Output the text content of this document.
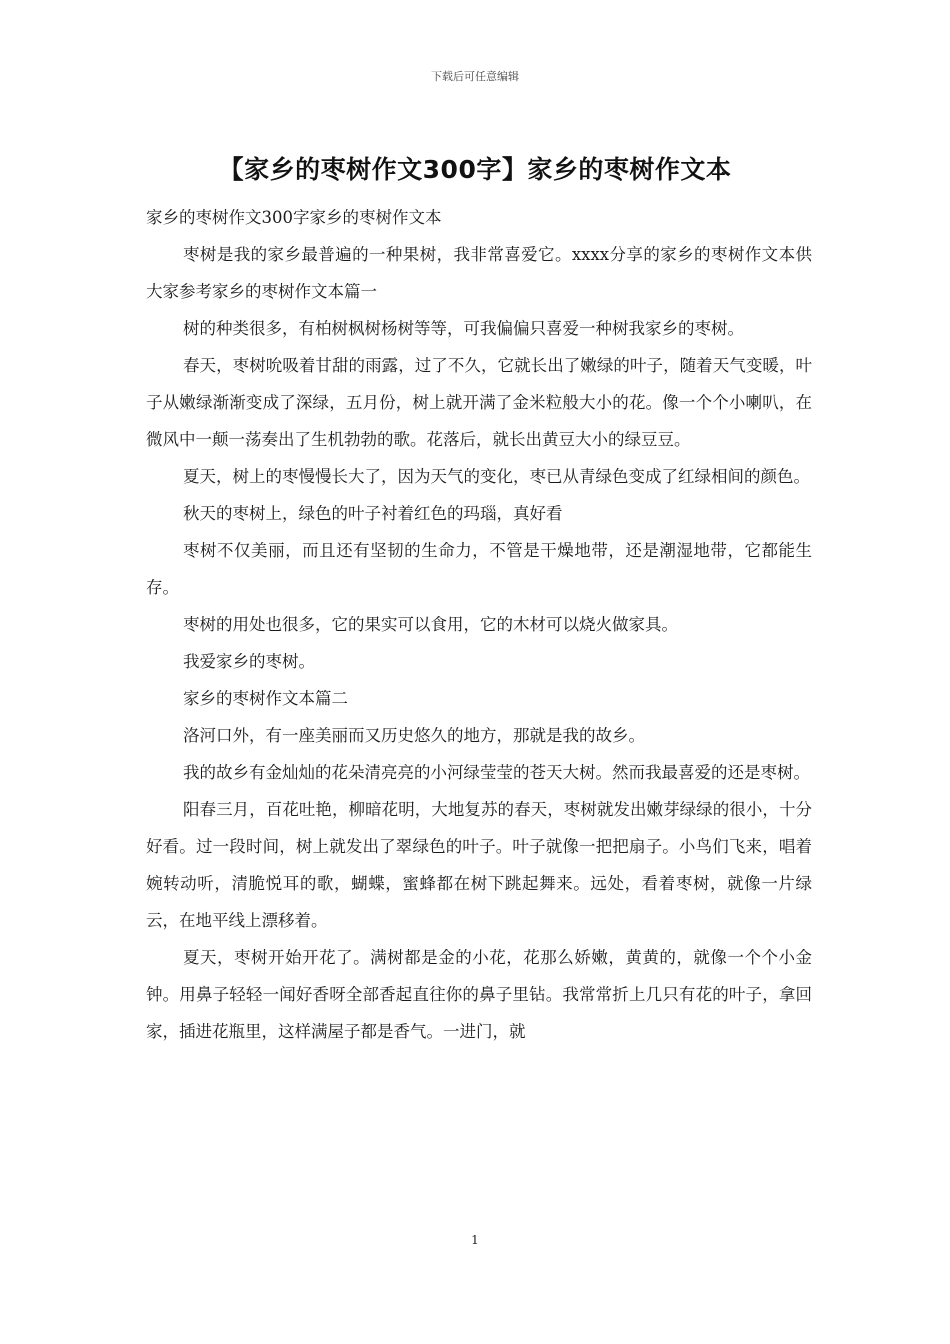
下载后可任意编辑
【家乡的枣树作文300字】家乡的枣树作文本

家乡的枣树作文300字家乡的枣树作文本

枣树是我的家乡最普遍的一种果树，我非常喜爱它。xxxx分享的家乡的枣树作文本供大家参考家乡的枣树作文本篇一

树的种类很多，有柏树枫树杨树等等，可我偏偏只喜爱一种树我家乡的枣树。

春天，枣树吮吸着甘甜的雨露，过了不久，它就长出了嫩绿的叶子，随着天气变暖，叶子从嫩绿渐渐变成了深绿，五月份，树上就开满了金米粒般大小的花。像一个个小喇叭，在微风中一颠一荡奏出了生机勃勃的歌。花落后，就长出黄豆大小的绿豆豆。

夏天，树上的枣慢慢长大了，因为天气的变化，枣已从青绿色变成了红绿相间的颜色。

秋天的枣树上，绿色的叶子衬着红色的玛瑙，真好看

枣树不仅美丽，而且还有坚韧的生命力，不管是干燥地带，还是潮湿地带，它都能生存。

枣树的用处也很多，它的果实可以食用，它的木材可以烧火做家具。

我爱家乡的枣树。

家乡的枣树作文本篇二

洛河口外，有一座美丽而又历史悠久的地方，那就是我的故乡。

我的故乡有金灿灿的花朵清亮亮的小河绿莹莹的苍天大树。然而我最喜爱的还是枣树。

阳春三月，百花吐艳，柳暗花明，大地复苏的春天，枣树就发出嫩芽绿绿的很小，十分好看。过一段时间，树上就发出了翠绿色的叶子。叶子就像一把把扇子。小鸟们飞来，唱着婉转动听，清脆悦耳的歌，蝴蝶，蜜蜂都在树下跳起舞来。远处，看着枣树，就像一片绿云，在地平线上漂移着。

夏天，枣树开始开花了。满树都是金的小花，花那么娇嫩，黄黄的，就像一个个小金钟。用鼻子轻轻一闻好香呀全部香起直往你的鼻子里钻。我常常折上几只有花的叶子，拿回家，插进花瓶里，这样满屋子都是香气。一进门，就

1
